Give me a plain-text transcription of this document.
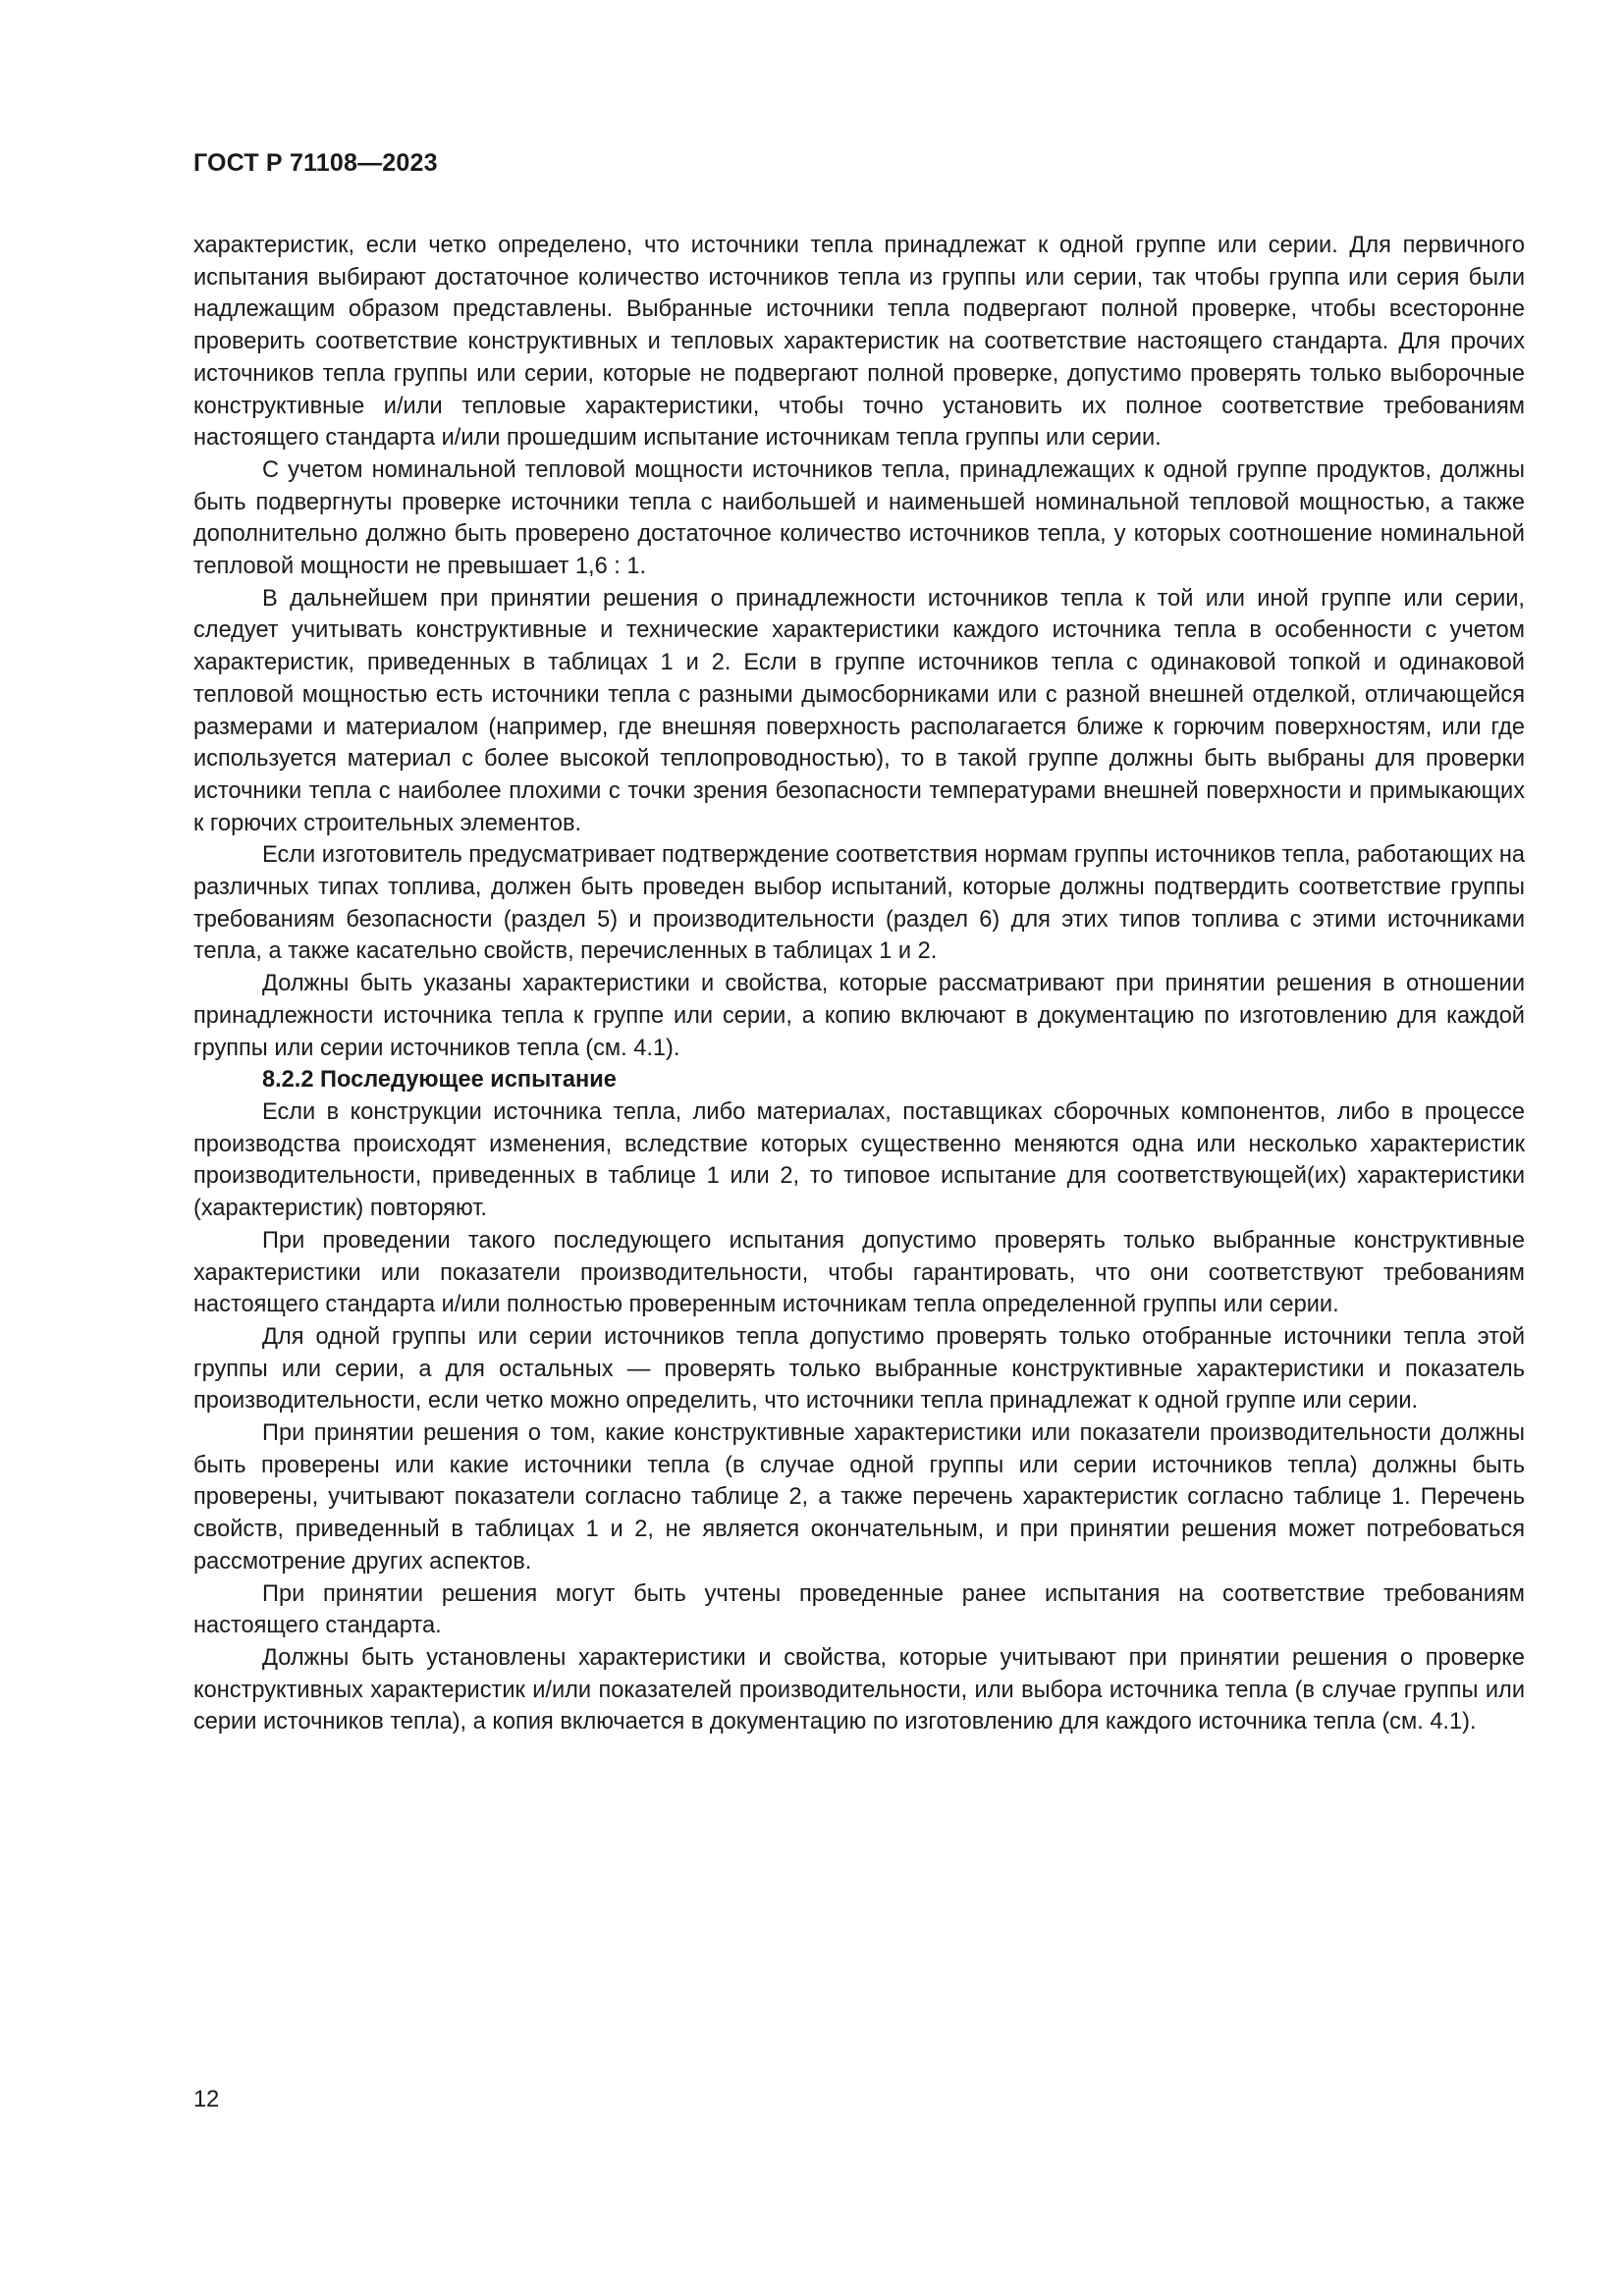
ГОСТ Р 71108—2023

характеристик, если четко определено, что источники тепла принадлежат к одной группе или серии. Для первичного испытания выбирают достаточное количество источников тепла из группы или серии, так чтобы группа или серия были надлежащим образом представлены. Выбранные источники тепла подвергают полной проверке, чтобы всесторонне проверить соответствие конструктивных и тепловых характеристик на соответствие настоящего стандарта. Для прочих источников тепла группы или серии, которые не подвергают полной проверке, допустимо проверять только выборочные конструктивные и/или тепловые характеристики, чтобы точно установить их полное соответствие требованиям настоящего стандарта и/или прошедшим испытание источникам тепла группы или серии.

С учетом номинальной тепловой мощности источников тепла, принадлежащих к одной группе продуктов, должны быть подвергнуты проверке источники тепла с наибольшей и наименьшей номинальной тепловой мощностью, а также дополнительно должно быть проверено достаточное количество источников тепла, у которых соотношение номинальной тепловой мощности не превышает 1,6 : 1.

В дальнейшем при принятии решения о принадлежности источников тепла к той или иной группе или серии, следует учитывать конструктивные и технические характеристики каждого источника тепла в особенности с учетом характеристик, приведенных в таблицах 1 и 2. Если в группе источников тепла с одинаковой топкой и одинаковой тепловой мощностью есть источники тепла с разными дымосборниками или с разной внешней отделкой, отличающейся размерами и материалом (например, где внешняя поверхность располагается ближе к горючим поверхностям, или где используется материал с более высокой теплопроводностью), то в такой группе должны быть выбраны для проверки источники тепла с наиболее плохими с точки зрения безопасности температурами внешней поверхности и примыкающих к горючих строительных элементов.

Если изготовитель предусматривает подтверждение соответствия нормам группы источников тепла, работающих на различных типах топлива, должен быть проведен выбор испытаний, которые должны подтвердить соответствие группы требованиям безопасности (раздел 5) и производительности (раздел 6) для этих типов топлива с этими источниками тепла, а также касательно свойств, перечисленных в таблицах 1 и 2.

Должны быть указаны характеристики и свойства, которые рассматривают при принятии решения в отношении принадлежности источника тепла к группе или серии, а копию включают в документацию по изготовлению для каждой группы или серии источников тепла (см. 4.1).

8.2.2 Последующее испытание

Если в конструкции источника тепла, либо материалах, поставщиках сборочных компонентов, либо в процессе производства происходят изменения, вследствие которых существенно меняются одна или несколько характеристик производительности, приведенных в таблице 1 или 2, то типовое испытание для соответствующей(их) характеристики (характеристик) повторяют.

При проведении такого последующего испытания допустимо проверять только выбранные конструктивные характеристики или показатели производительности, чтобы гарантировать, что они соответствуют требованиям настоящего стандарта и/или полностью проверенным источникам тепла определенной группы или серии.

Для одной группы или серии источников тепла допустимо проверять только отобранные источники тепла этой группы или серии, а для остальных — проверять только выбранные конструктивные характеристики и показатель производительности, если четко можно определить, что источники тепла принадлежат к одной группе или серии.

При принятии решения о том, какие конструктивные характеристики или показатели производительности должны быть проверены или какие источники тепла (в случае одной группы или серии источников тепла) должны быть проверены, учитывают показатели согласно таблице 2, а также перечень характеристик согласно таблице 1. Перечень свойств, приведенный в таблицах 1 и 2, не является окончательным, и при принятии решения может потребоваться рассмотрение других аспектов.

При принятии решения могут быть учтены проведенные ранее испытания на соответствие требованиям настоящего стандарта.

Должны быть установлены характеристики и свойства, которые учитывают при принятии решения о проверке конструктивных характеристик и/или показателей производительности, или выбора источника тепла (в случае группы или серии источников тепла), а копия включается в документацию по изготовлению для каждого источника тепла (см. 4.1).

12
